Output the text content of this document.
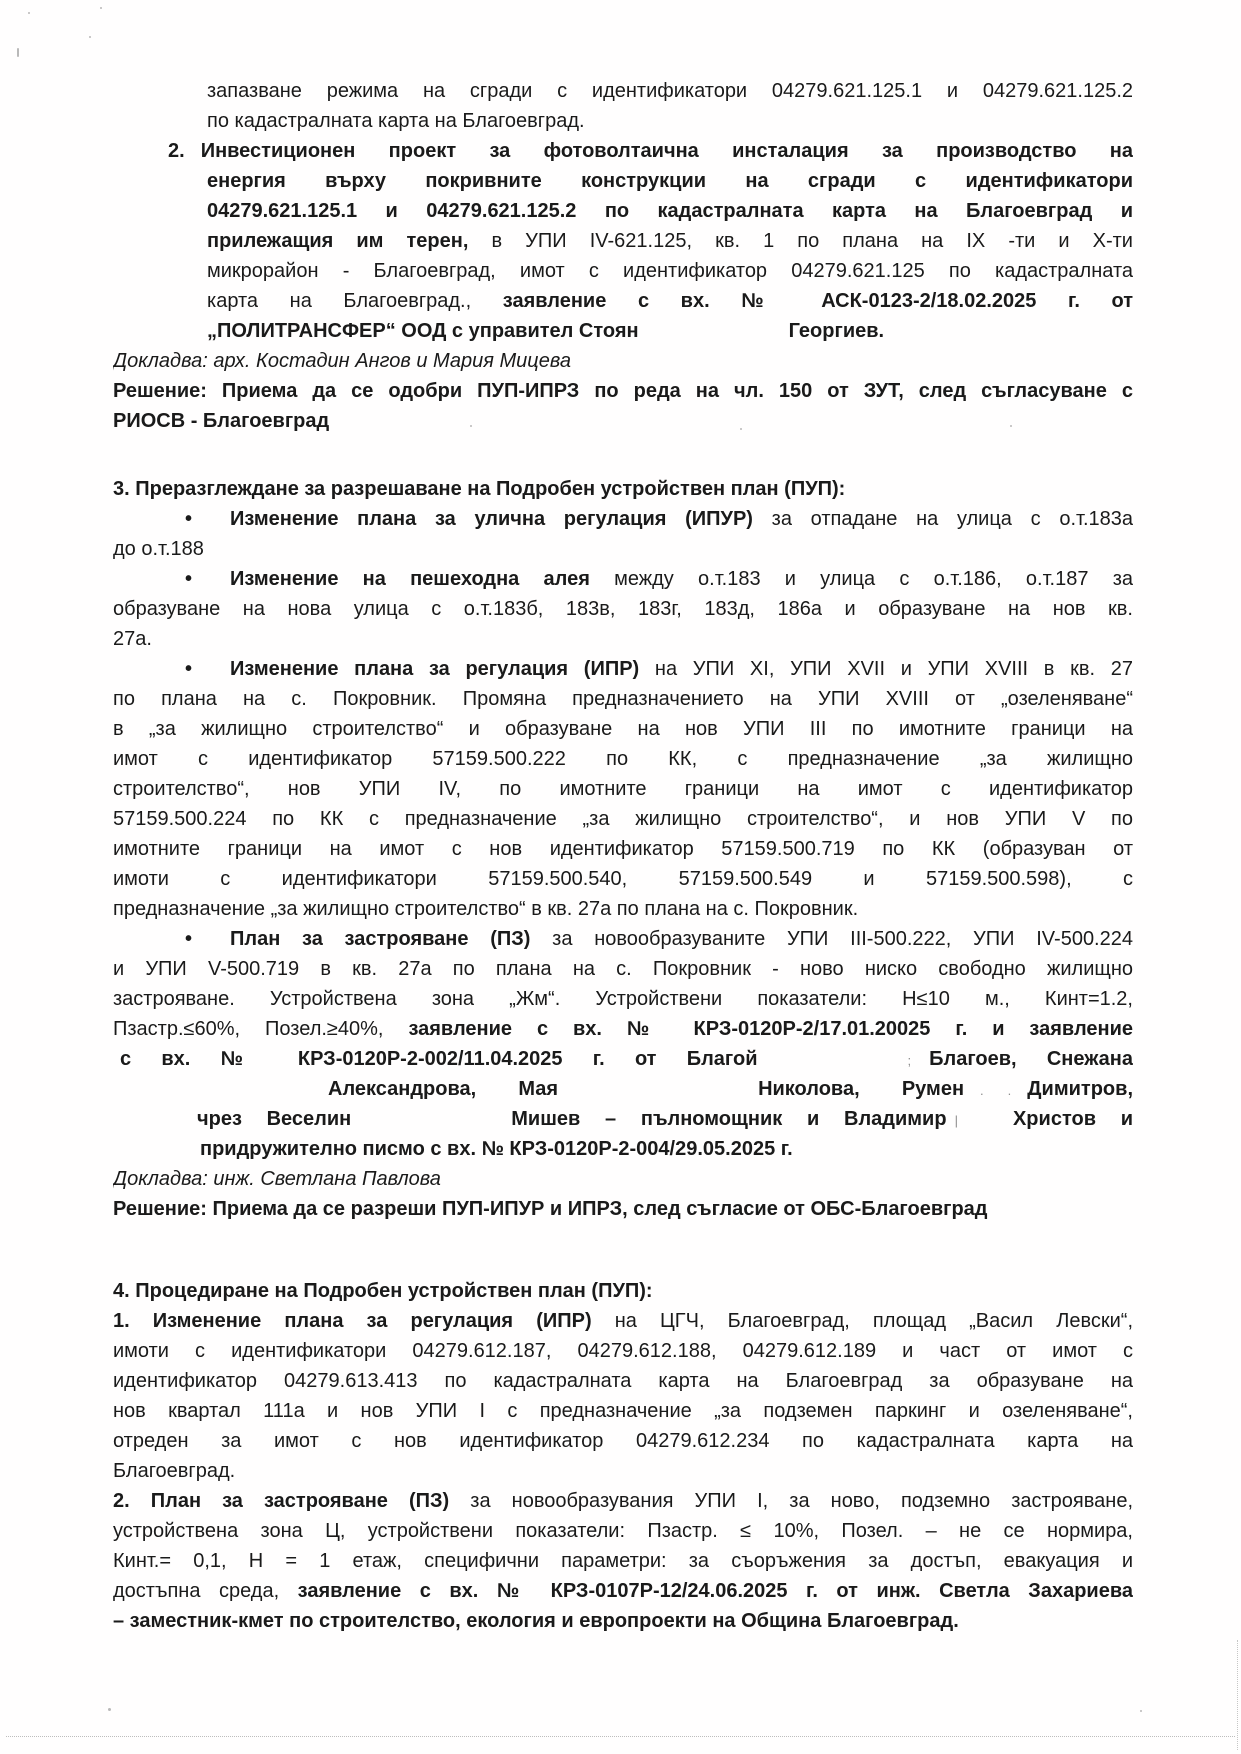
запазване режима на сгради с идентификатори 04279.621.125.1 и 04279.621.125.2
по кадастралната карта на Благоевград.
2. Инвестиционен проект за фотоволтаична инсталация за производство на
енергия върху покривните конструкции на сгради с идентификатори
04279.621.125.1 и 04279.621.125.2 по кадастралната карта на Благоевград и
прилежащия им терен, в УПИ IV-621.125, кв. 1 по плана на IX -ти и X-ти
микрорайон - Благоевград, имот с идентификатор 04279.621.125 по кадастралната
карта на Благоевград., заявление с вх. № АСК-0123-2/18.02.2025 г. от
„ПОЛИТРАНСФЕР“ ООД с управител Стоян	Георгиев.
Докладва: арх. Костадин Ангов и Мария Мицева
Решение: Приема да се одобри ПУП-ИПРЗ по реда на чл. 150 от ЗУТ, след съгласуване с
РИОСВ - Благоевград
3. Преразглеждане за разрешаване на Подробен устройствен план (ПУП):
• Изменение плана за улична регулация (ИПУР) за отпадане на улица с о.т.183а
до о.т.188
• Изменение на пешеходна алея между о.т.183 и улица с о.т.186, о.т.187 за
образуване на нова улица с о.т.183б, 183в, 183г, 183д, 186а и образуване на нов кв.
27а.
• Изменение плана за регулация (ИПР) на УПИ XI, УПИ XVII и УПИ XVIII в кв. 27
по плана на с. Покровник. Промяна предназначението на УПИ XVIII от „озеленяване“
в „за жилищно строителство“ и образуване на нов УПИ III по имотните граници на
имот с идентификатор 57159.500.222 по КК, с предназначение „за жилищно
строителство“, нов УПИ IV, по имотните граници на имот с идентификатор
57159.500.224 по КК с предназначение „за жилищно строителство“, и нов УПИ V по
имотните граници на имот с нов идентификатор 57159.500.719 по КК (образуван от
имоти с идентификатори 57159.500.540, 57159.500.549 и 57159.500.598), с
предназначение „за жилищно строителство“ в кв. 27а по плана на с. Покровник.
• План за застрояване (ПЗ) за новообразуваните УПИ III-500.222, УПИ IV-500.224
и УПИ V-500.719 в кв. 27а по плана на с. Покровник - ново ниско свободно жилищно
застрояване. Устройствена зона „Жм“. Устройствени показатели: Н≤10 м., Кинт=1.2,
Пзастр.≤60%, Позел.≥40%, заявление с вх. № КРЗ-0120Р-2/17.01.20025 г. и заявление
с вх. № КРЗ-0120Р-2-002/11.04.2025 г. от Благой	; Благоев, Снежана
Александрова, Мая	Николова, Румен . . Димитров,
чрез Веселин	Мишев – пълномощник и Владимир |	Христов и
придружително писмо с вх. № КРЗ-0120Р-2-004/29.05.2025 г.
Докладва: инж. Светлана Павлова
Решение: Приема да се разреши ПУП-ИПУР и ИПРЗ, след съгласие от ОБС-Благоевград
4. Процедиране на Подробен устройствен план (ПУП):
1. Изменение плана за регулация (ИПР) на ЦГЧ, Благоевград, площад „Васил Левски“,
имоти с идентификатори 04279.612.187, 04279.612.188, 04279.612.189 и част от имот с
идентификатор 04279.613.413 по кадастралната карта на Благоевград за образуване на
нов квартал 111а и нов УПИ I с предназначение „за подземен паркинг и озеленяване“,
отреден за имот с нов идентификатор 04279.612.234 по кадастралната карта на
Благоевград.
2. План за застрояване (ПЗ) за новообразувания УПИ I, за ново, подземно застрояване,
устройствена зона Ц, устройствени показатели: Пзастр. ≤ 10%, Позел. – не се нормира,
Кинт.= 0,1, Н = 1 етаж, специфични параметри: за съоръжения за достъп, евакуация и
достъпна среда, заявление с вх. № КРЗ-0107Р-12/24.06.2025 г. от инж. Светла Захариева
– заместник-кмет по строителство, екология и европроекти на Община Благоевград.
